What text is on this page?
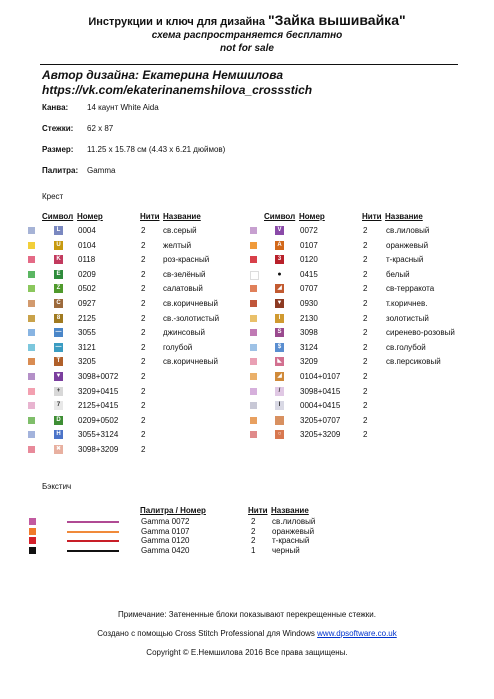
Инструкции и ключ для дизайна "Зайка вышивайка"
схема распространяется бесплатно
not for sale
Автор дизайна: Екатерина Немшилова
https://vk.com/ekaterinanemshilova_crossstich
Канва: 14 каунт White Aida
Стежки: 62 x 87
Размер: 11.25 x 15.78 см (4.43 x 6.21 дюймов)
Палитра: Gamma
Крест
Символ Номер	Нити Название	Символ Номер	Нити Название
L	0004	2 св.серый
U 0104	2 желтый
K 0118	2 роз-красный
E	0209	2 св-зелёный
Z	0502	2 салатовый
C 0927	2 св.коричневый
8	2125	2 св.-золотистый
— 3055	2 джинсовый
— 3121	2 голубой
T	3205	2 св.коричневый
▼ 3098+0072	2
+	3209+0415	2
7	2125+0415	2
D 0209+0502	2
H 3055+3124	2
✖ 3098+3209	2
V	0072	2 св.лиловый
A 0107	2 оранжевый
3	0120	2 т-красный
● 0415	2 белый
◢ 0707	2 св-терракота
▼ 0930	2 т.коричнев.
I	2130	2 золотистый
S	3098	2 сиренево-розовый
$	3124	2 св.голубой
◣ 3209	2 св.персиковый
◢ 0104+0107	2
/	3098+0415	2
I	0004+0415	2
3205+0707	2
○	3205+3209	2
Бэкстич
Палитра / Номер	Нити Название
Gamma 0072	2 св.лиловый
Gamma 0107	2 оранжевый
Gamma 0120	2 т-красный
Gamma 0420	1 черный
Примечание: Затененные блоки показывают перекрещенные стежки.
Создано с помощью Cross Stitch Professional для Windows www.dpsoftware.co.uk
Copyright © Е.Немшилова 2016 Все права защищены.
